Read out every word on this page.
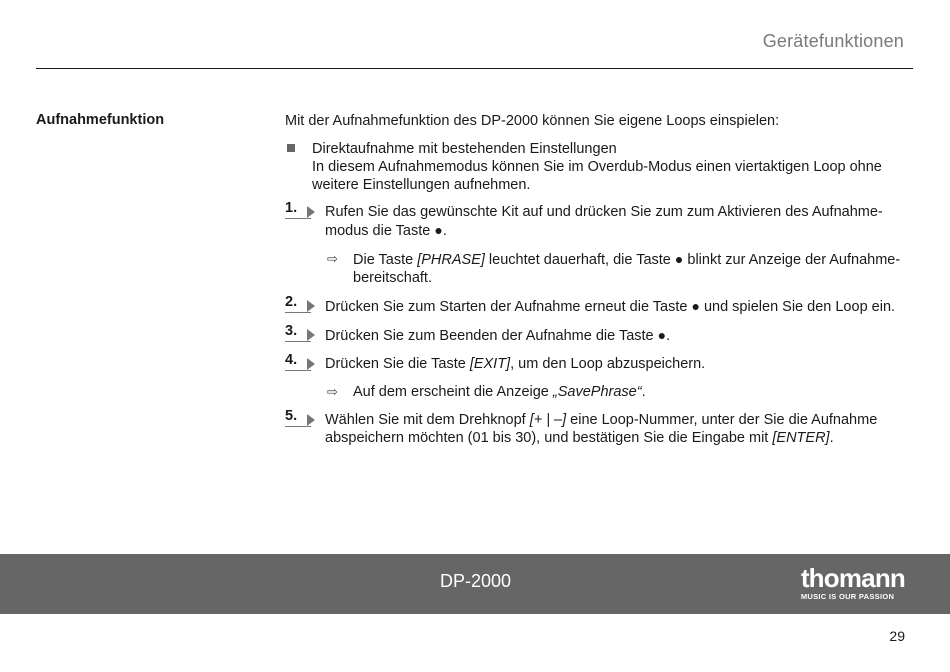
Gerätefunktionen
Aufnahmefunktion	Mit der Aufnahmefunktion des DP-2000 können Sie eigene Loops einspielen:

Direktaufnahme mit bestehenden Einstellungen
In diesem Aufnahmemodus können Sie im Overdub-Modus einen viertaktigen Loop ohne weitere Einstellungen aufnehmen.
1.	Rufen Sie das gewünschte Kit auf und drücken Sie zum zum Aktivieren des Aufnahme-modus die Taste ●.
⇨ Die Taste [PHRASE] leuchtet dauerhaft, die Taste ● blinkt zur Anzeige der Aufnahme-bereitschaft.
2.	Drücken Sie zum Starten der Aufnahme erneut die Taste ● und spielen Sie den Loop ein.
3.	Drücken Sie zum Beenden der Aufnahme die Taste ●.
4.	Drücken Sie die Taste [EXIT], um den Loop abzuspeichern.
⇨ Auf dem erscheint die Anzeige „SavePhrase“.
5.	Wählen Sie mit dem Drehknopf [+ | –] eine Loop-Nummer, unter der Sie die Aufnahme abspeichern möchten (01 bis 30), und bestätigen Sie die Eingabe mit [ENTER].
DP-2000	thomann
MUSIC IS OUR PASSION
29
